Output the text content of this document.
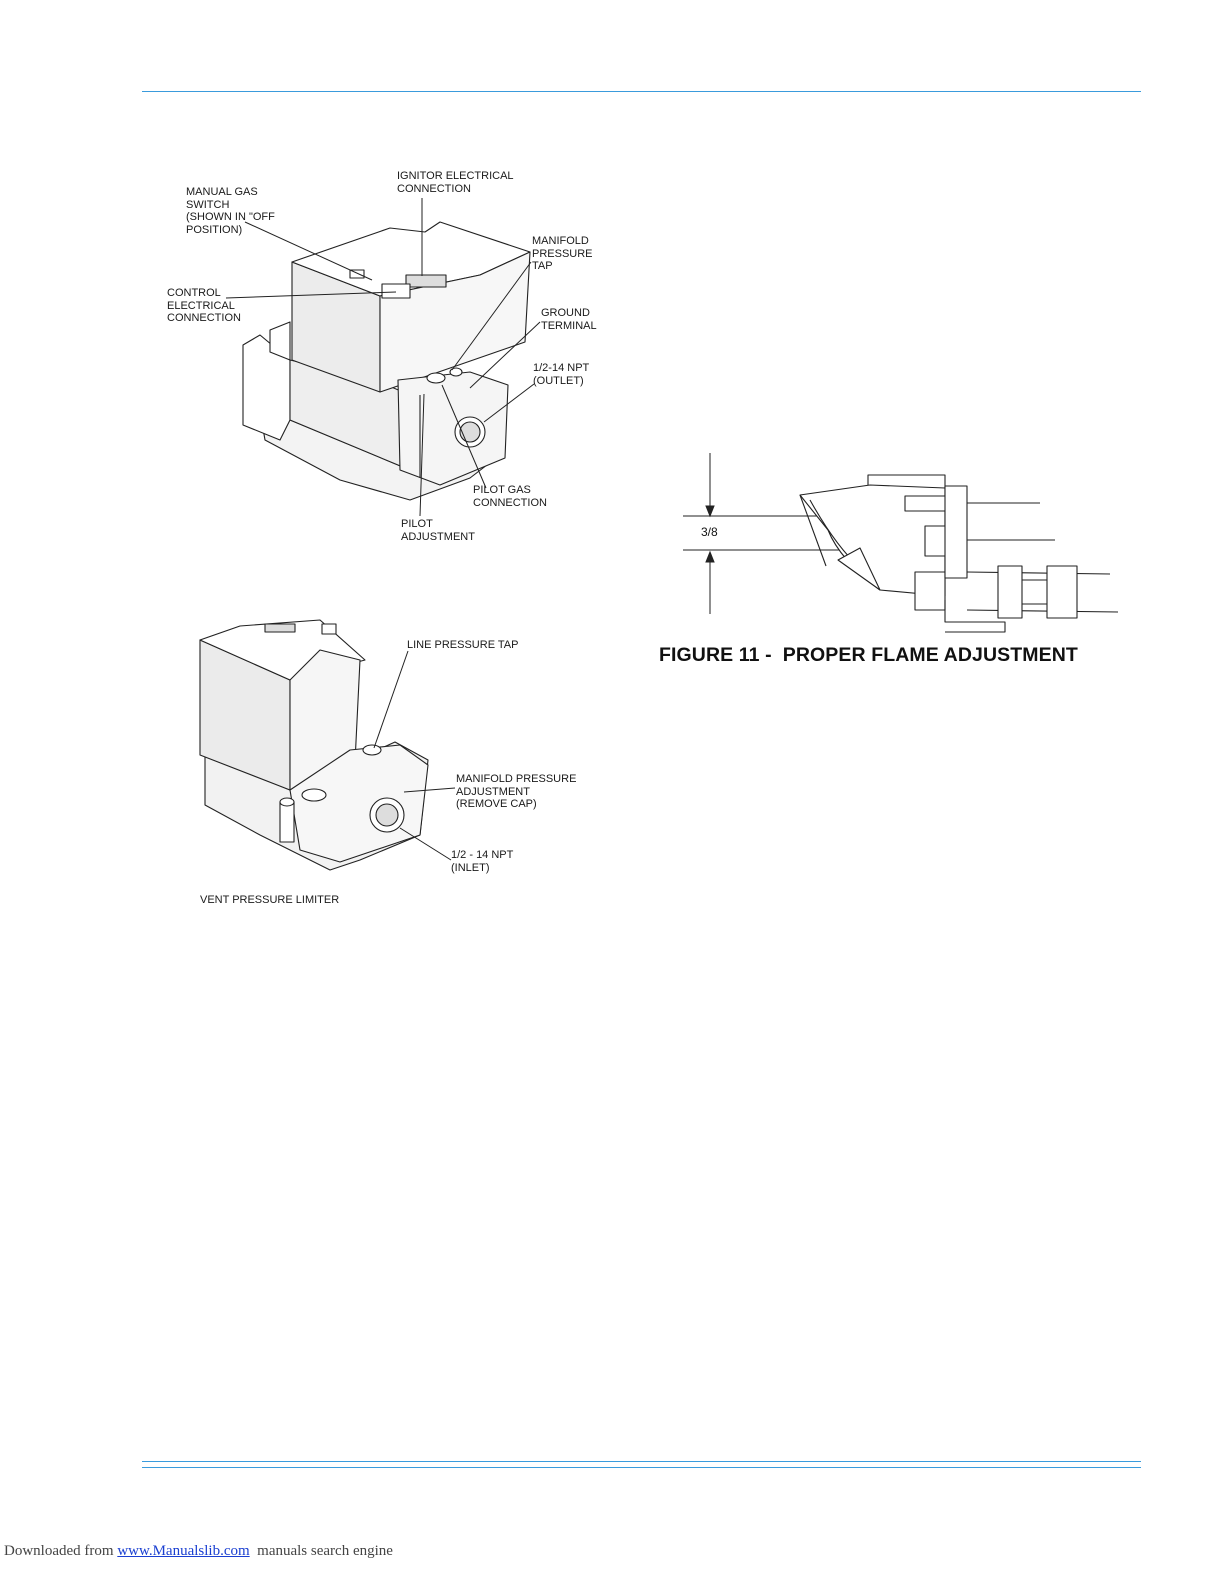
IGNITOR ELECTRICAL
CONNECTION
MANUAL GAS
SWITCH
(SHOWN IN "OFF
POSITION)
MANIFOLD
PRESSURE
TAP
CONTROL
ELECTRICAL
CONNECTION	GROUND
TERMINAL
1/2-14 NPT
(OUTLET)
PILOT GAS
CONNECTION
PILOT
ADJUSTMENT
LINE PRESSURE TAP
MANIFOLD PRESSURE
ADJUSTMENT
(REMOVE CAP)
1/2 - 14 NPT
(INLET)
VENT PRESSURE LIMITER
3/8
FIGURE 11 -  PROPER FLAME ADJUSTMENT
Downloaded from www.Manualslib.com  manuals search engine
